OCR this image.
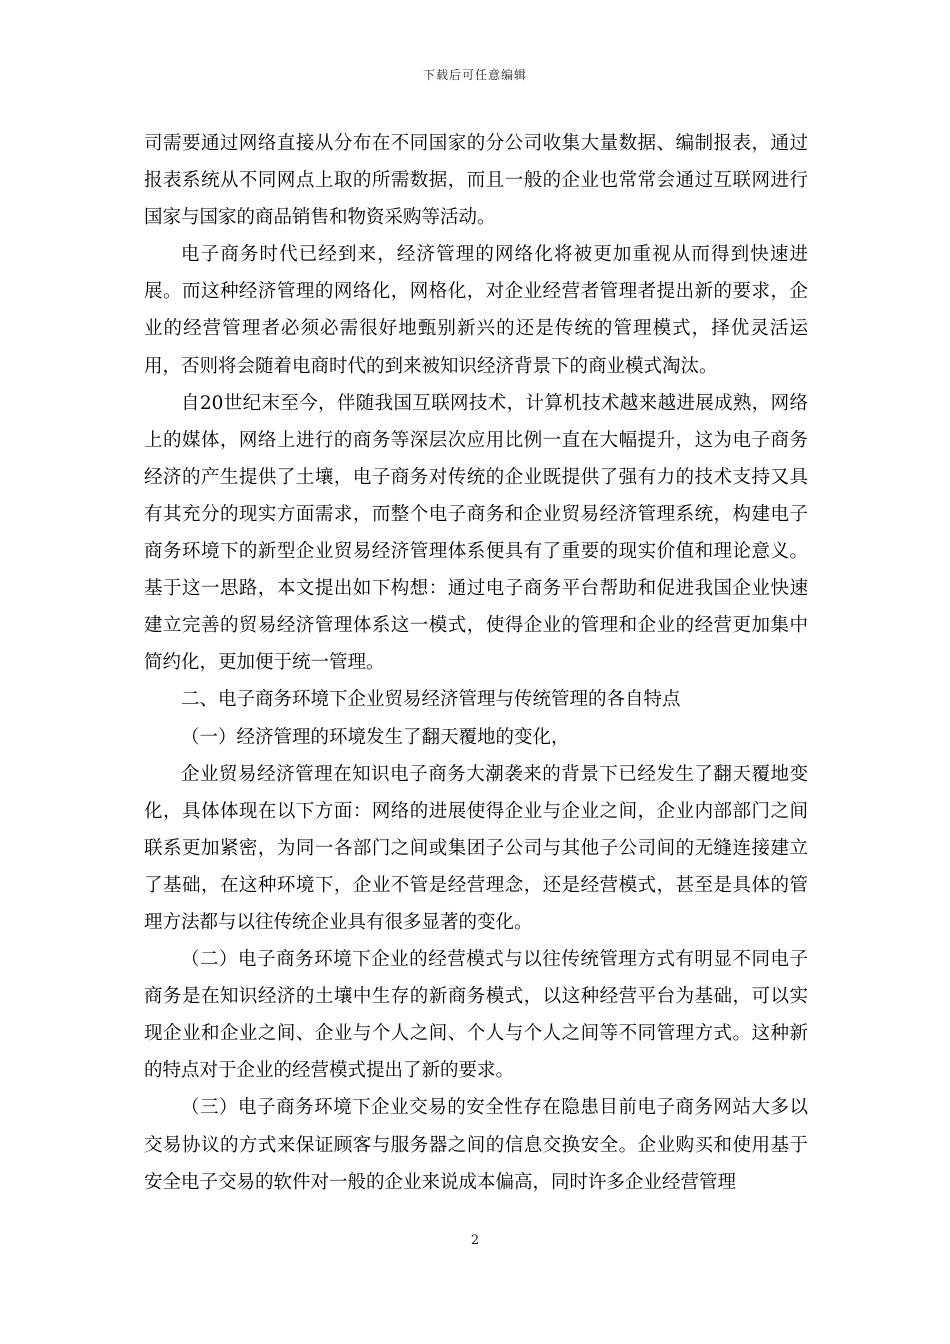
下载后可任意编辑

司需要通过网络直接从分布在不同国家的分公司收集大量数据、编制报表，通过报表系统从不同网点上取的所需数据，而且一般的企业也常常会通过互联网进行国家与国家的商品销售和物资采购等活动。

电子商务时代已经到来，经济管理的网络化将被更加重视从而得到快速进展。而这种经济管理的网络化，网格化，对企业经营者管理者提出新的要求，企业的经营管理者必须必需很好地甄别新兴的还是传统的管理模式，择优灵活运用，否则将会随着电商时代的到来被知识经济背景下的商业模式淘汰。

自20世纪末至今，伴随我国互联网技术，计算机技术越来越进展成熟，网络上的媒体，网络上进行的商务等深层次应用比例一直在大幅提升，这为电子商务经济的产生提供了土壤，电子商务对传统的企业既提供了强有力的技术支持又具有其充分的现实方面需求，而整个电子商务和企业贸易经济管理系统，构建电子商务环境下的新型企业贸易经济管理体系便具有了重要的现实价值和理论意义。基于这一思路，本文提出如下构想：通过电子商务平台帮助和促进我国企业快速建立完善的贸易经济管理体系这一模式，使得企业的管理和企业的经营更加集中简约化，更加便于统一管理。

二、电子商务环境下企业贸易经济管理与传统管理的各自特点

（一）经济管理的环境发生了翻天覆地的变化，

企业贸易经济管理在知识电子商务大潮袭来的背景下已经发生了翻天覆地变化，具体体现在以下方面：网络的进展使得企业与企业之间，企业内部部门之间联系更加紧密，为同一各部门之间或集团子公司与其他子公司间的无缝连接建立了基础，在这种环境下，企业不管是经营理念，还是经营模式，甚至是具体的管理方法都与以往传统企业具有很多显著的变化。

（二）电子商务环境下企业的经营模式与以往传统管理方式有明显不同电子商务是在知识经济的土壤中生存的新商务模式，以这种经营平台为基础，可以实现企业和企业之间、企业与个人之间、个人与个人之间等不同管理方式。这种新的特点对于企业的经营模式提出了新的要求。

（三）电子商务环境下企业交易的安全性存在隐患目前电子商务网站大多以交易协议的方式来保证顾客与服务器之间的信息交换安全。企业购买和使用基于安全电子交易的软件对一般的企业来说成本偏高，同时许多企业经营管理

2
